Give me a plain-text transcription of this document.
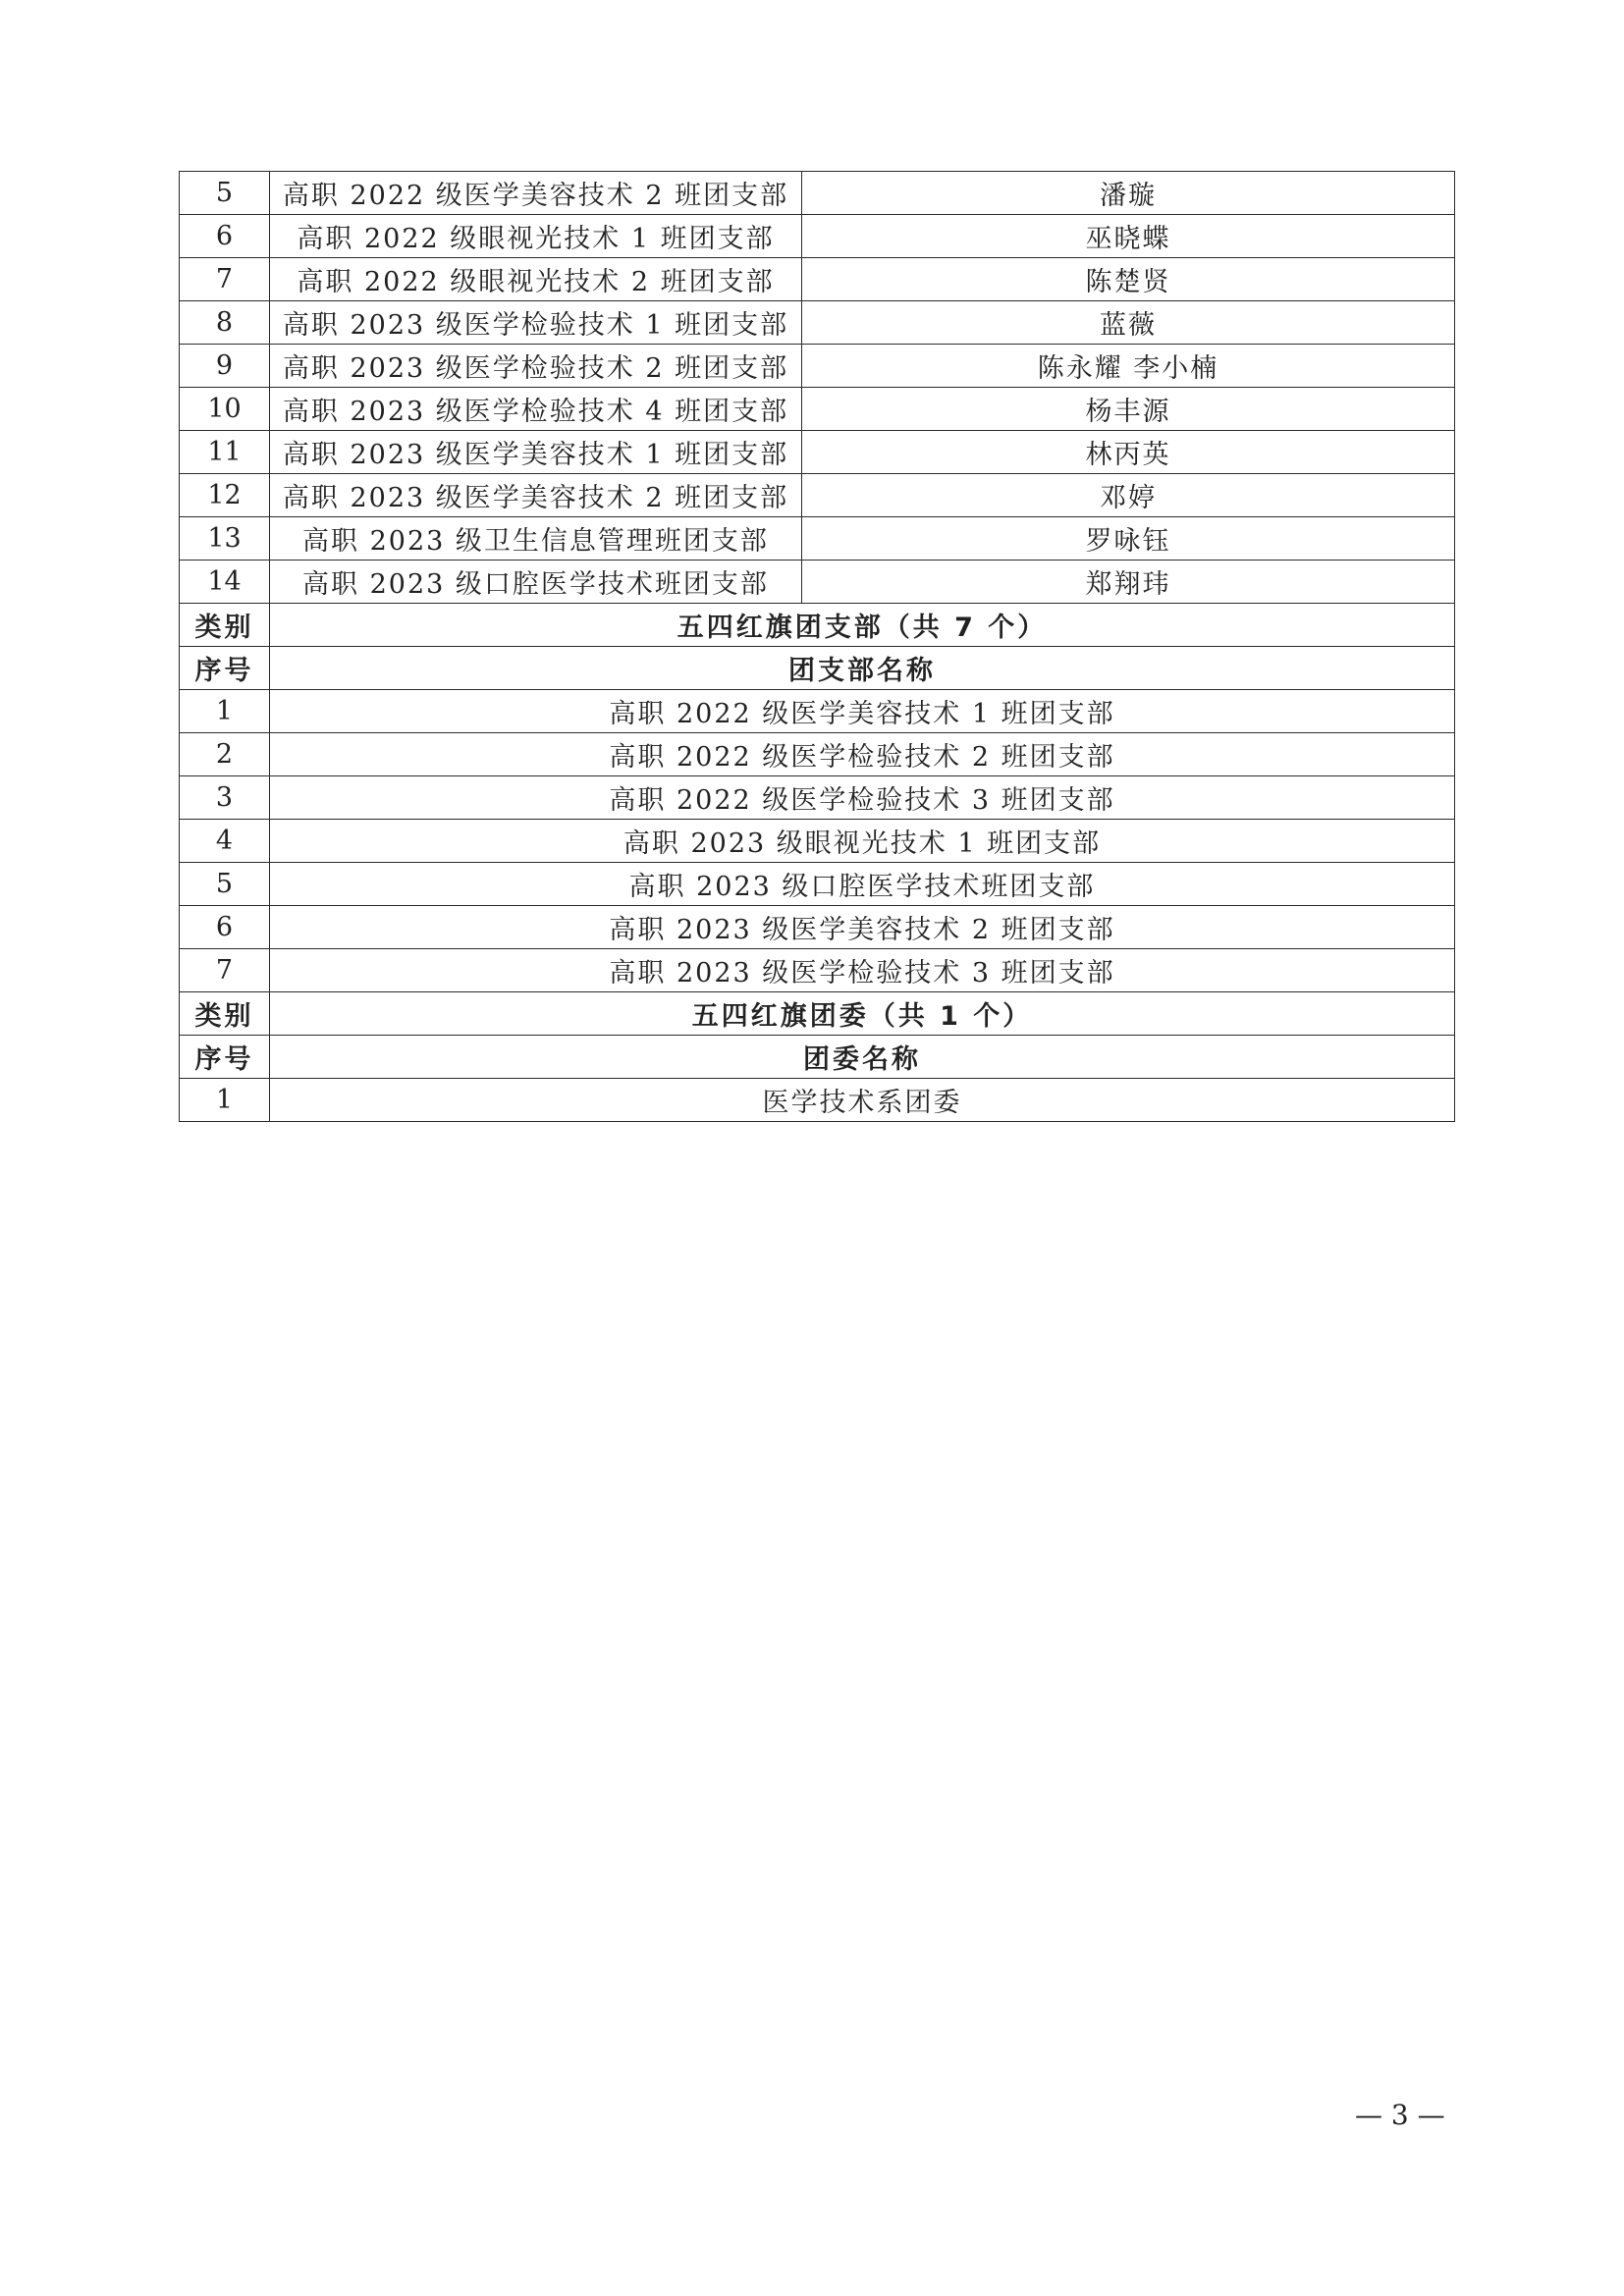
5	高职 2022 级医学美容技术 2 班团支部	潘璇
6	高职 2022 级眼视光技术 1 班团支部	巫晓蝶
7	高职 2022 级眼视光技术 2 班团支部	陈楚贤
8	高职 2023 级医学检验技术 1 班团支部	蓝薇
9	高职 2023 级医学检验技术 2 班团支部	陈永耀 李小楠
10	高职 2023 级医学检验技术 4 班团支部	杨丰源
11	高职 2023 级医学美容技术 1 班团支部	林丙英
12	高职 2023 级医学美容技术 2 班团支部	邓婷
13	高职 2023 级卫生信息管理班团支部	罗咏钰
14	高职 2023 级口腔医学技术班团支部	郑翔玮
类别	五四红旗团支部（共 7 个）	
序号	团支部名称	
1	高职 2022 级医学美容技术 1 班团支部	
2	高职 2022 级医学检验技术 2 班团支部	
3	高职 2022 级医学检验技术 3 班团支部	
4	高职 2023 级眼视光技术 1 班团支部	
5	高职 2023 级口腔医学技术班团支部	
6	高职 2023 级医学美容技术 2 班团支部	
7	高职 2023 级医学检验技术 3 班团支部	
类别	五四红旗团委（共 1 个）	
序号	团委名称	
1	医学技术系团委	
— 3 —
